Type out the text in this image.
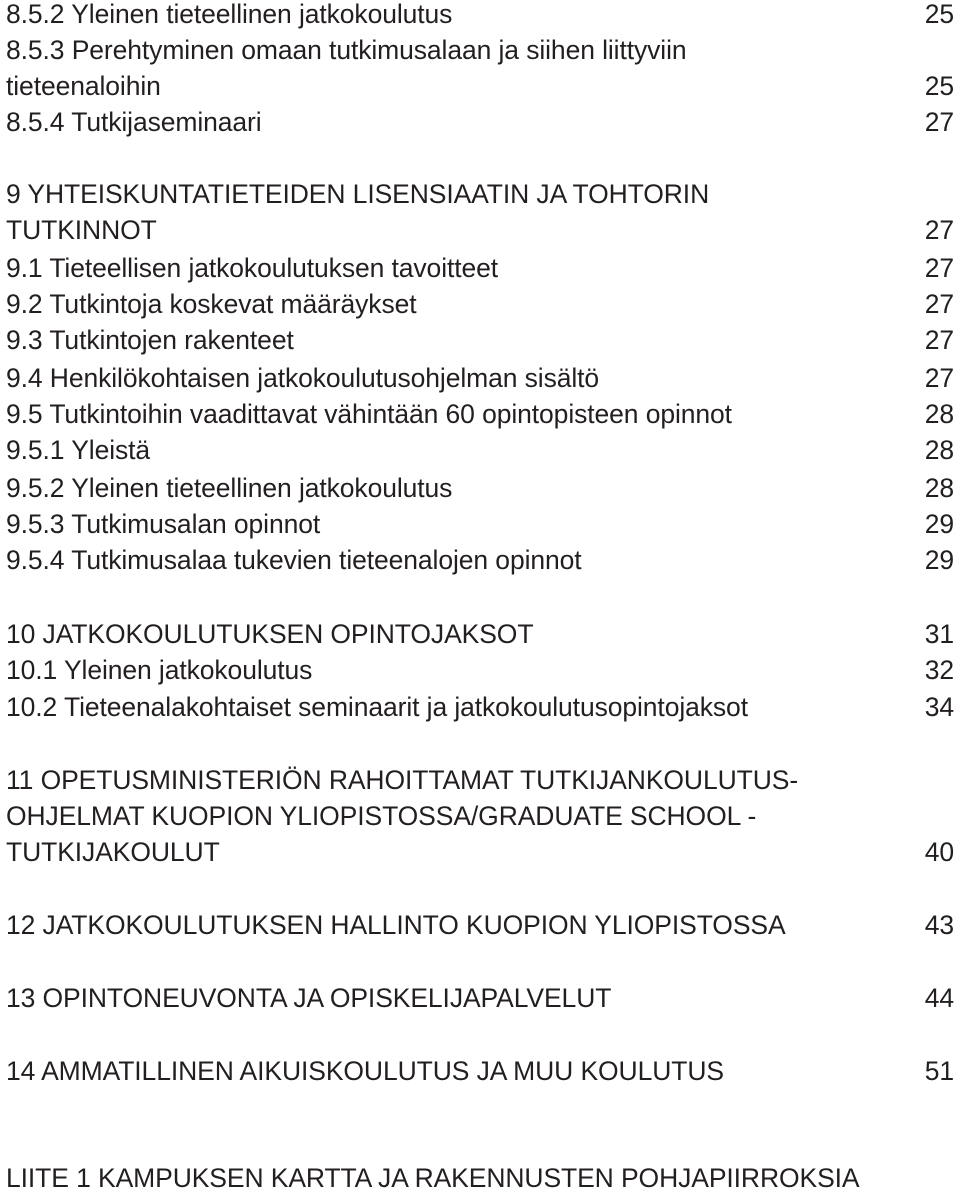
8.5.2 Yleinen tieteellinen jatkokoulutus	25
8.5.3 Perehtyminen omaan tutkimusalaan ja siihen liittyviin
tieteenaloihin	25
8.5.4 Tutkijaseminaari	27
9 YHTEISKUNTATIETEIDEN LISENSIAATIN JA TOHTORIN
TUTKINNOT	27
9.1 Tieteellisen jatkokoulutuksen tavoitteet	27
9.2 Tutkintoja koskevat määräykset	27
9.3 Tutkintojen rakenteet	27
9.4 Henkilökohtaisen jatkokoulutusohjelman sisältö	27
9.5 Tutkintoihin vaadittavat vähintään 60 opintopisteen opinnot	28
9.5.1 Yleistä	28
9.5.2 Yleinen tieteellinen jatkokoulutus	28
9.5.3 Tutkimusalan opinnot	29
9.5.4 Tutkimusalaa tukevien tieteenalojen opinnot	29
10 JATKOKOULUTUKSEN OPINTOJAKSOT	31
10.1 Yleinen jatkokoulutus	32
10.2 Tieteenalakohtaiset seminaarit ja jatkokoulutusopintojaksot	34
11 OPETUSMINISTERIÖN RAHOITTAMAT TUTKIJANKOULUTUS-
OHJELMAT KUOPION YLIOPISTOSSA/GRADUATE SCHOOL -
TUTKIJAKOULUT	40
12 JATKOKOULUTUKSEN HALLINTO KUOPION YLIOPISTOSSA	43
13 OPINTONEUVONTA JA OPISKELIJAPALVELUT	44
14 AMMATILLINEN AIKUISKOULUTUS JA MUU KOULUTUS	51
LIITE 1 KAMPUKSEN KARTTA JA RAKENNUSTEN POHJAPIIRROKSIA
